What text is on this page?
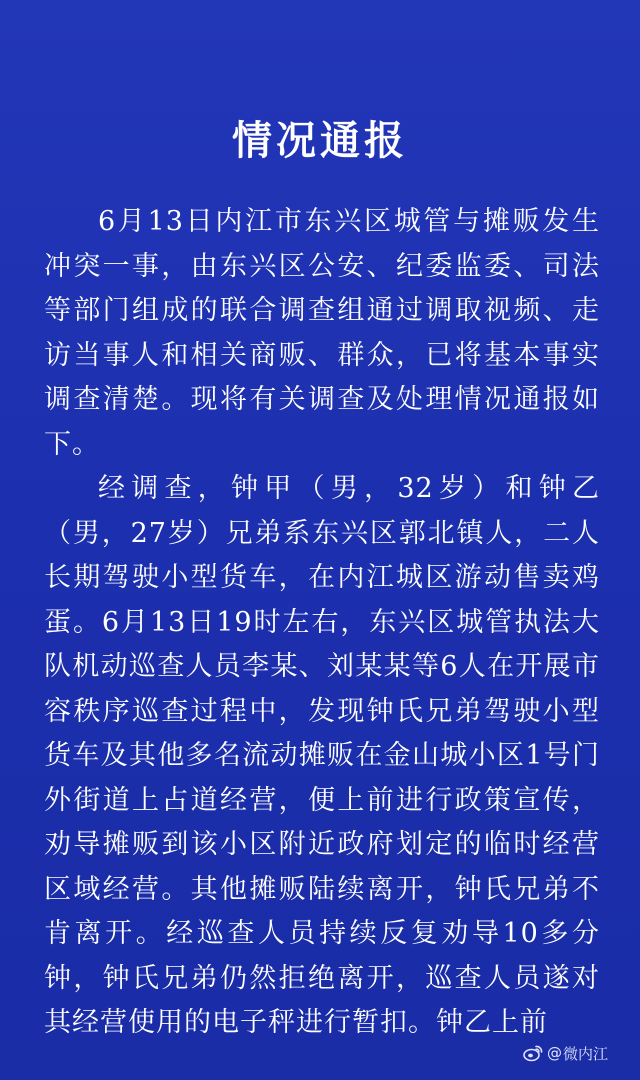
情况通报

6月13日内江市东兴区城管与摊贩发生冲突一事，由东兴区公安、纪委监委、司法等部门组成的联合调查组通过调取视频、走访当事人和相关商贩、群众，已将基本事实调查清楚。现将有关调查及处理情况通报如下。

经调查，钟甲（男，32岁）和钟乙（男，27岁）兄弟系东兴区郭北镇人，二人长期驾驶小型货车，在内江城区游动售卖鸡蛋。6月13日19时左右，东兴区城管执法大队机动巡查人员李某、刘某某等6人在开展市容秩序巡查过程中，发现钟氏兄弟驾驶小型货车及其他多名流动摊贩在金山城小区1号门外街道上占道经营，便上前进行政策宣传，劝导摊贩到该小区附近政府划定的临时经营区域经营。其他摊贩陆续离开，钟氏兄弟不肯离开。经巡查人员持续反复劝导10多分钟，钟氏兄弟仍然拒绝离开，巡查人员遂对其经营使用的电子秤进行暂扣。钟乙上前

@ 微内江
